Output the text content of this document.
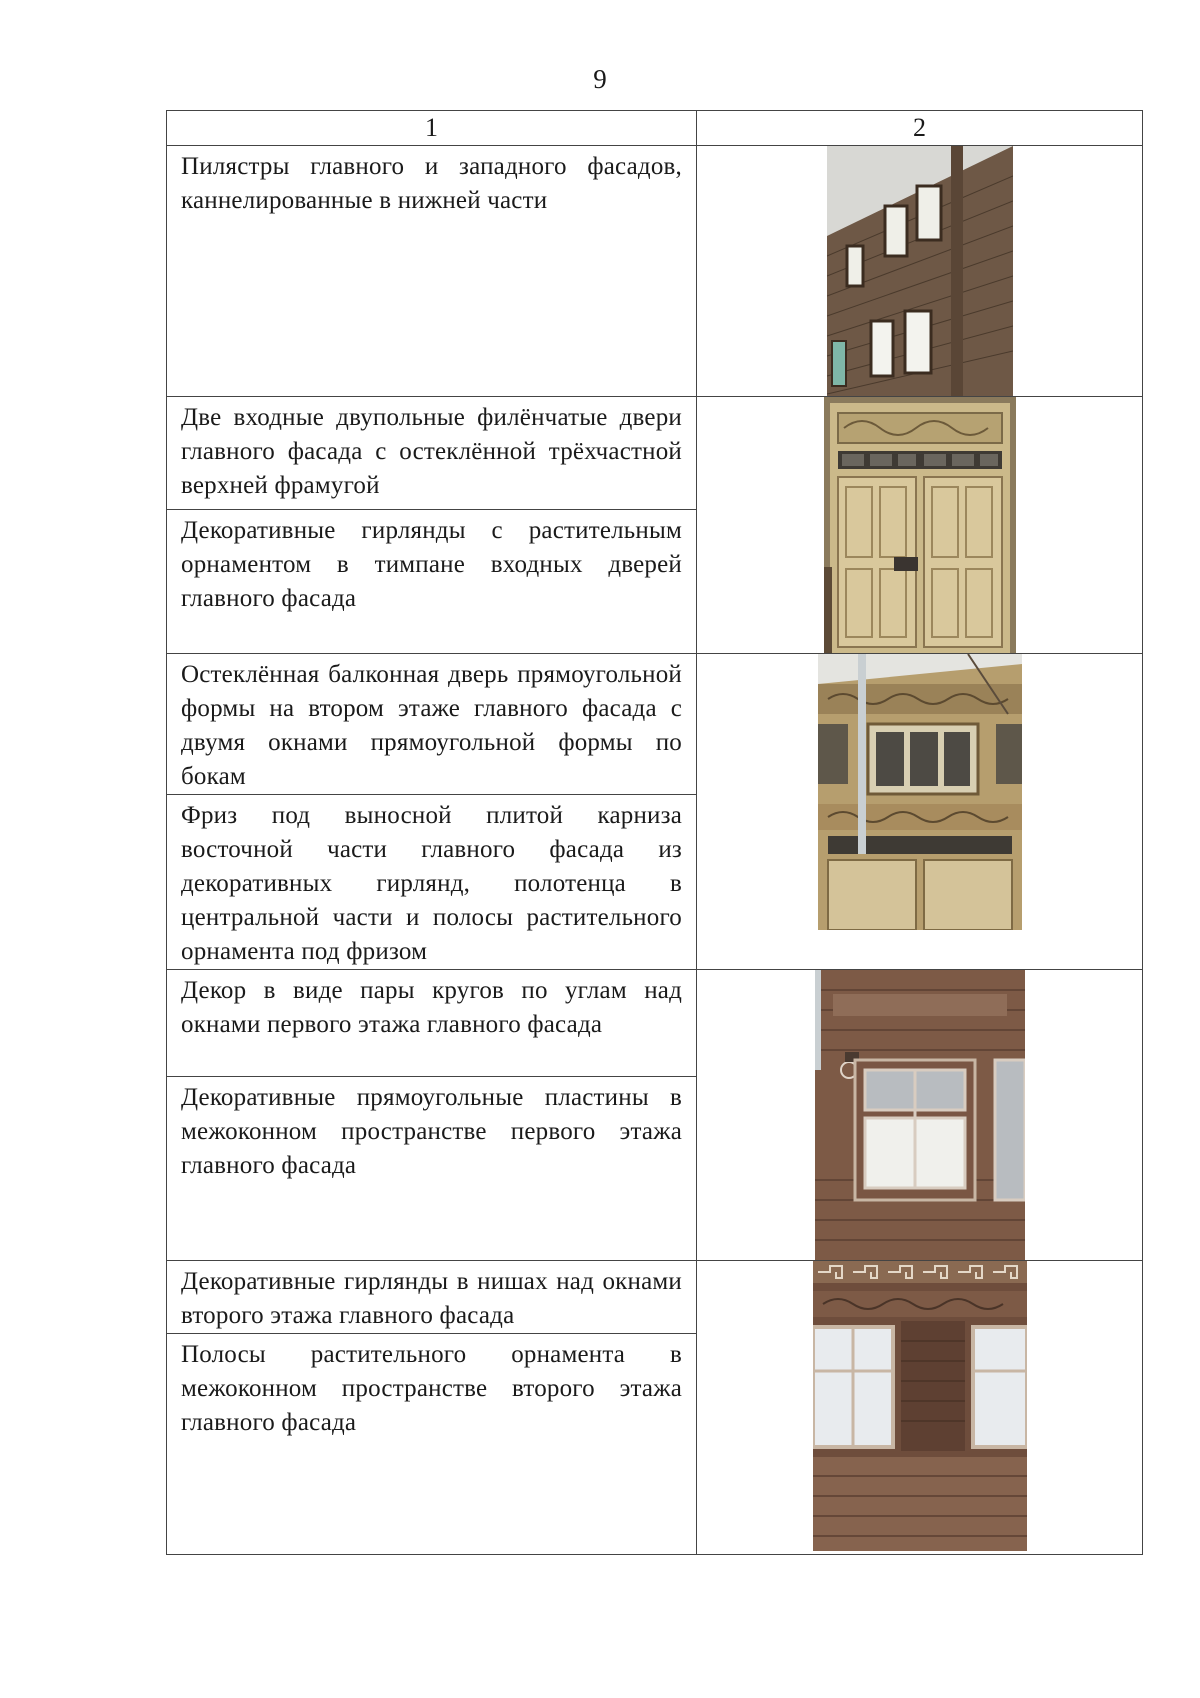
9
1	2

Пилястры главного и западного фасадов, каннелированные в нижней части

Две входные двупольные филёнчатые двери главного фасада с остеклённой трёхчастной верхней фрамугой

Декоративные гирлянды с растительным орнаментом в тимпане входных дверей главного фасада	

Остеклённая балконная дверь прямоугольной формы на втором этаже главного фасада с двумя окнами прямоугольной формы по бокам

Фриз под выносной плитой карниза восточной части главного фасада из декоративных гирлянд, полотенца в центральной части и полосы растительного орнамента под фризом	

Декор в виде пары кругов по углам над окнами первого этажа главного фасада

Декоративные прямоугольные пластины в межоконном пространстве первого этажа главного фасада	

Декоративные гирлянды в нишах над окнами второго этажа главного фасада

Полосы растительного орнамента в межоконном пространстве второго этажа главного фасада	
